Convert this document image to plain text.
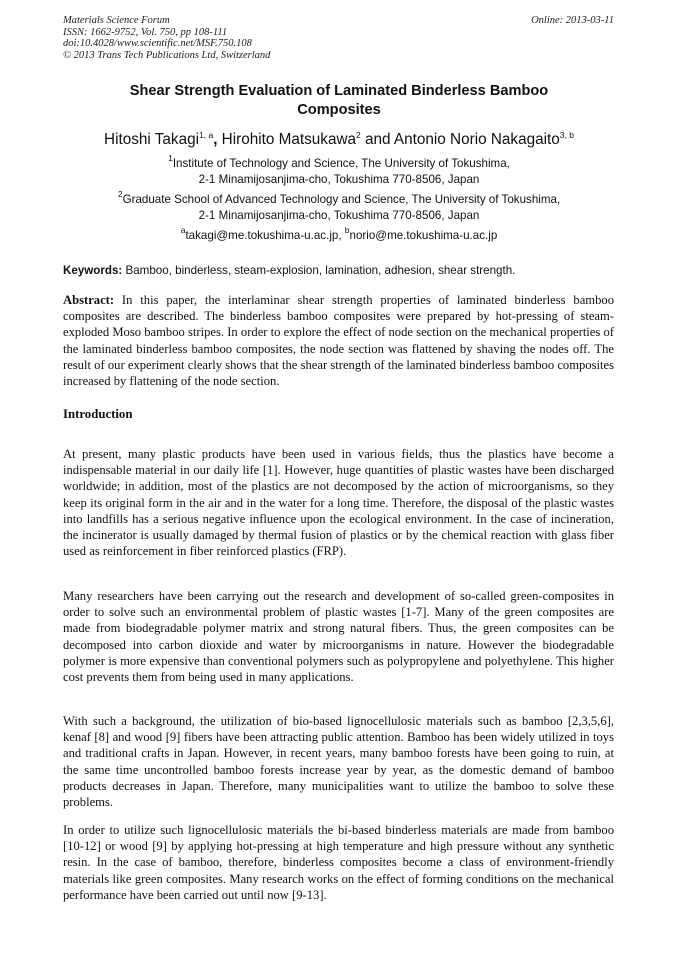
Materials Science Forum
ISSN: 1662-9752, Vol. 750, pp 108-111
doi:10.4028/www.scientific.net/MSF.750.108
© 2013 Trans Tech Publications Ltd, Switzerland
Online: 2013-03-11
Shear Strength Evaluation of Laminated Binderless Bamboo
Composites
Hitoshi Takagi$^{1, a}$, Hirohito Matsukawa$^2$ and Antonio Norio Nakagaito$^{3, b}$
$^1$Institute of Technology and Science, The University of Tokushima,
2-1 Minamijosanjima-cho, Tokushima 770-8506, Japan
$^2$Graduate School of Advanced Technology and Science, The University of Tokushima,
2-1 Minamijosanjima-cho, Tokushima 770-8506, Japan
$^a$takagi@me.tokushima-u.ac.jp, $^b$norio@me.tokushima-u.ac.jp
Keywords: Bamboo, binderless, steam-explosion, lamination, adhesion, shear strength.
Abstract: In this paper, the interlaminar shear strength properties of laminated binderless bamboo composites are described. The binderless bamboo composites were prepared by hot-pressing of steam-exploded Moso bamboo stripes. In order to explore the effect of node section on the mechanical properties of the laminated binderless bamboo composites, the node section was flattened by shaving the nodes off. The result of our experiment clearly shows that the shear strength of the laminated binderless bamboo composites increased by flattening of the node section.
Introduction
At present, many plastic products have been used in various fields, thus the plastics have become a indispensable material in our daily life [1]. However, huge quantities of plastic wastes have been discharged worldwide; in addition, most of the plastics are not decomposed by the action of microorganisms, so they keep its original form in the air and in the water for a long time. Therefore, the disposal of the plastic wastes into landfills has a serious negative influence upon the ecological environment. In the case of incineration, the incinerator is usually damaged by thermal fusion of plastics or by the chemical reaction with glass fiber used as reinforcement in fiber reinforced plastics (FRP).
Many researchers have been carrying out the research and development of so-called green-composites in order to solve such an environmental problem of plastic wastes [1-7]. Many of the green composites are made from biodegradable polymer matrix and strong natural fibers. Thus, the green composites can be decomposed into carbon dioxide and water by microorganisms in nature. However the biodegradable polymer is more expensive than conventional polymers such as polypropylene and polyethylene. This higher cost prevents them from being used in many applications.
With such a background, the utilization of bio-based lignocellulosic materials such as bamboo [2,3,5,6], kenaf [8] and wood [9] fibers have been attracting public attention. Bamboo has been widely utilized in toys and traditional crafts in Japan. However, in recent years, many bamboo forests have been going to ruin, at the same time uncontrolled bamboo forests increase year by year, as the domestic demand of bamboo products decreases in Japan. Therefore, many municipalities want to utilize the bamboo to solve these problems.
In order to utilize such lignocellulosic materials the bi-based binderless materials are made from bamboo [10-12] or wood [9] by applying hot-pressing at high temperature and high pressure without any synthetic resin. In the case of bamboo, therefore, binderless composites become a class of environment-friendly materials like green composites. Many research works on the effect of forming conditions on the mechanical performance have been carried out until now [9-13].
